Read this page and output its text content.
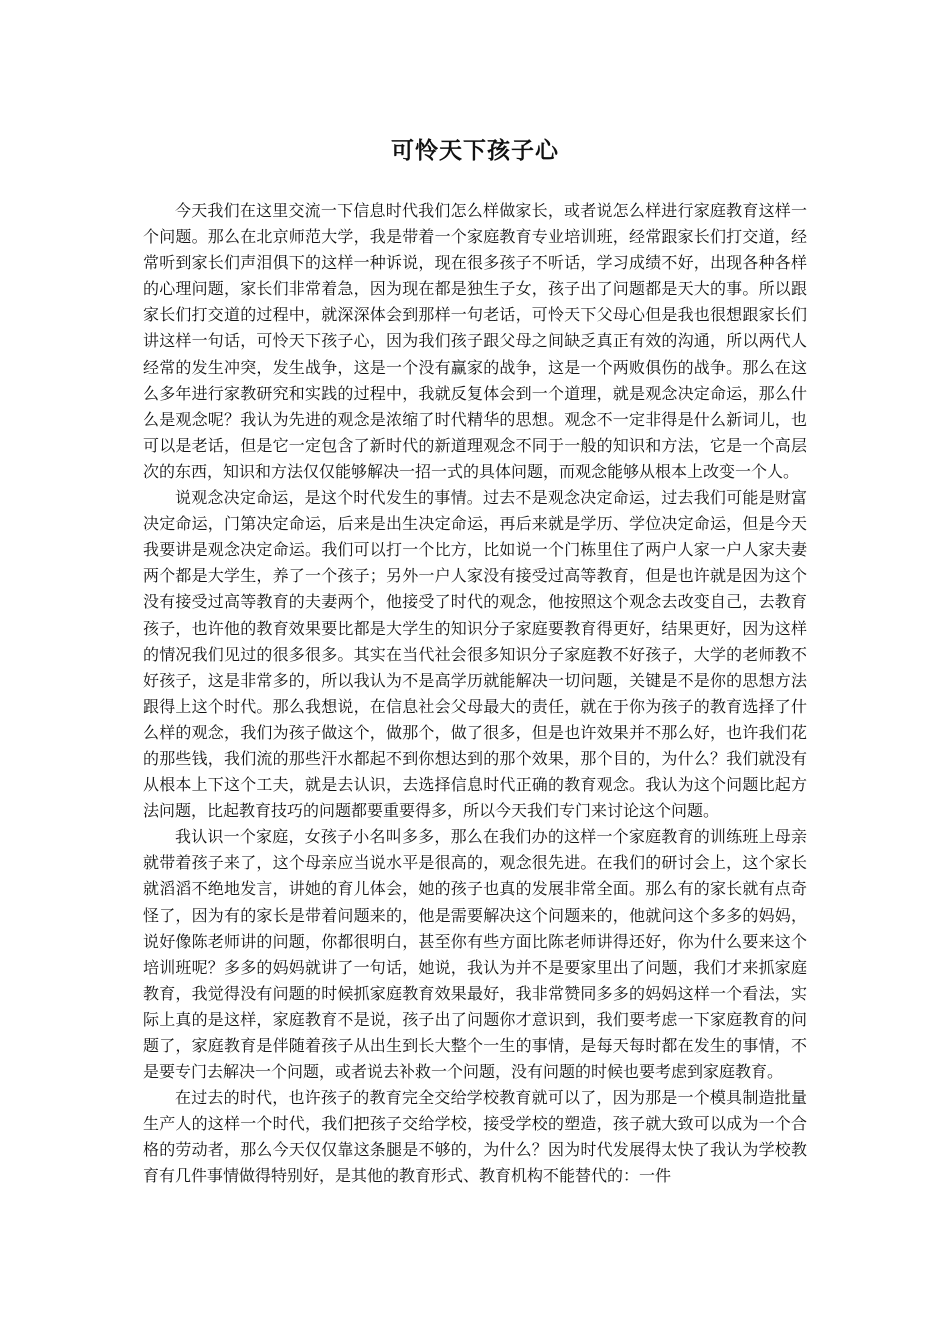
可怜天下孩子心

今天我们在这里交流一下信息时代我们怎么样做家长，或者说怎么样进行家庭教育这样一个问题。那么在北京师范大学，我是带着一个家庭教育专业培训班，经常跟家长们打交道，经常听到家长们声泪俱下的这样一种诉说，现在很多孩子不听话，学习成绩不好，出现各种各样的心理问题，家长们非常着急，因为现在都是独生子女，孩子出了问题都是天大的事。所以跟家长们打交道的过程中，就深深体会到那样一句老话，可怜天下父母心但是我也很想跟家长们讲这样一句话，可怜天下孩子心，因为我们孩子跟父母之间缺乏真正有效的沟通，所以两代人经常的发生冲突，发生战争，这是一个没有赢家的战争，这是一个两败俱伤的战争。那么在这么多年进行家教研究和实践的过程中，我就反复体会到一个道理，就是观念决定命运，那么什么是观念呢？我认为先进的观念是浓缩了时代精华的思想。观念不一定非得是什么新词儿，也可以是老话，但是它一定包含了新时代的新道理观念不同于一般的知识和方法，它是一个高层次的东西，知识和方法仅仅能够解决一招一式的具体问题，而观念能够从根本上改变一个人。

说观念决定命运，是这个时代发生的事情。过去不是观念决定命运，过去我们可能是财富决定命运，门第决定命运，后来是出生决定命运，再后来就是学历、学位决定命运，但是今天我要讲是观念决定命运。我们可以打一个比方，比如说一个门栋里住了两户人家一户人家夫妻两个都是大学生，养了一个孩子；另外一户人家没有接受过高等教育，但是也许就是因为这个没有接受过高等教育的夫妻两个，他接受了时代的观念，他按照这个观念去改变自己，去教育孩子，也许他的教育效果要比都是大学生的知识分子家庭要教育得更好，结果更好，因为这样的情况我们见过的很多很多。其实在当代社会很多知识分子家庭教不好孩子，大学的老师教不好孩子，这是非常多的，所以我认为不是高学历就能解决一切问题，关键是不是你的思想方法跟得上这个时代。那么我想说，在信息社会父母最大的责任，就在于你为孩子的教育选择了什么样的观念，我们为孩子做这个，做那个，做了很多，但是也许效果并不那么好，也许我们花的那些钱，我们流的那些汗水都起不到你想达到的那个效果，那个目的，为什么？我们就没有从根本上下这个工夫，就是去认识，去选择信息时代正确的教育观念。我认为这个问题比起方法问题，比起教育技巧的问题都要重要得多，所以今天我们专门来讨论这个问题。

我认识一个家庭，女孩子小名叫多多，那么在我们办的这样一个家庭教育的训练班上母亲就带着孩子来了，这个母亲应当说水平是很高的，观念很先进。在我们的研讨会上，这个家长就滔滔不绝地发言，讲她的育儿体会，她的孩子也真的发展非常全面。那么有的家长就有点奇怪了，因为有的家长是带着问题来的，他是需要解决这个问题来的，他就问这个多多的妈妈，说好像陈老师讲的问题，你都很明白，甚至你有些方面比陈老师讲得还好，你为什么要来这个培训班呢？多多的妈妈就讲了一句话，她说，我认为并不是要家里出了问题，我们才来抓家庭教育，我觉得没有问题的时候抓家庭教育效果最好，我非常赞同多多的妈妈这样一个看法，实际上真的是这样，家庭教育不是说，孩子出了问题你才意识到，我们要考虑一下家庭教育的问题了，家庭教育是伴随着孩子从出生到长大整个一生的事情，是每天每时都在发生的事情，不是要专门去解决一个问题，或者说去补救一个问题，没有问题的时候也要考虑到家庭教育。

在过去的时代，也许孩子的教育完全交给学校教育就可以了，因为那是一个模具制造批量生产人的这样一个时代，我们把孩子交给学校，接受学校的塑造，孩子就大致可以成为一个合格的劳动者，那么今天仅仅靠这条腿是不够的，为什么？因为时代发展得太快了我认为学校教育有几件事情做得特别好，是其他的教育形式、教育机构不能替代的：一件
